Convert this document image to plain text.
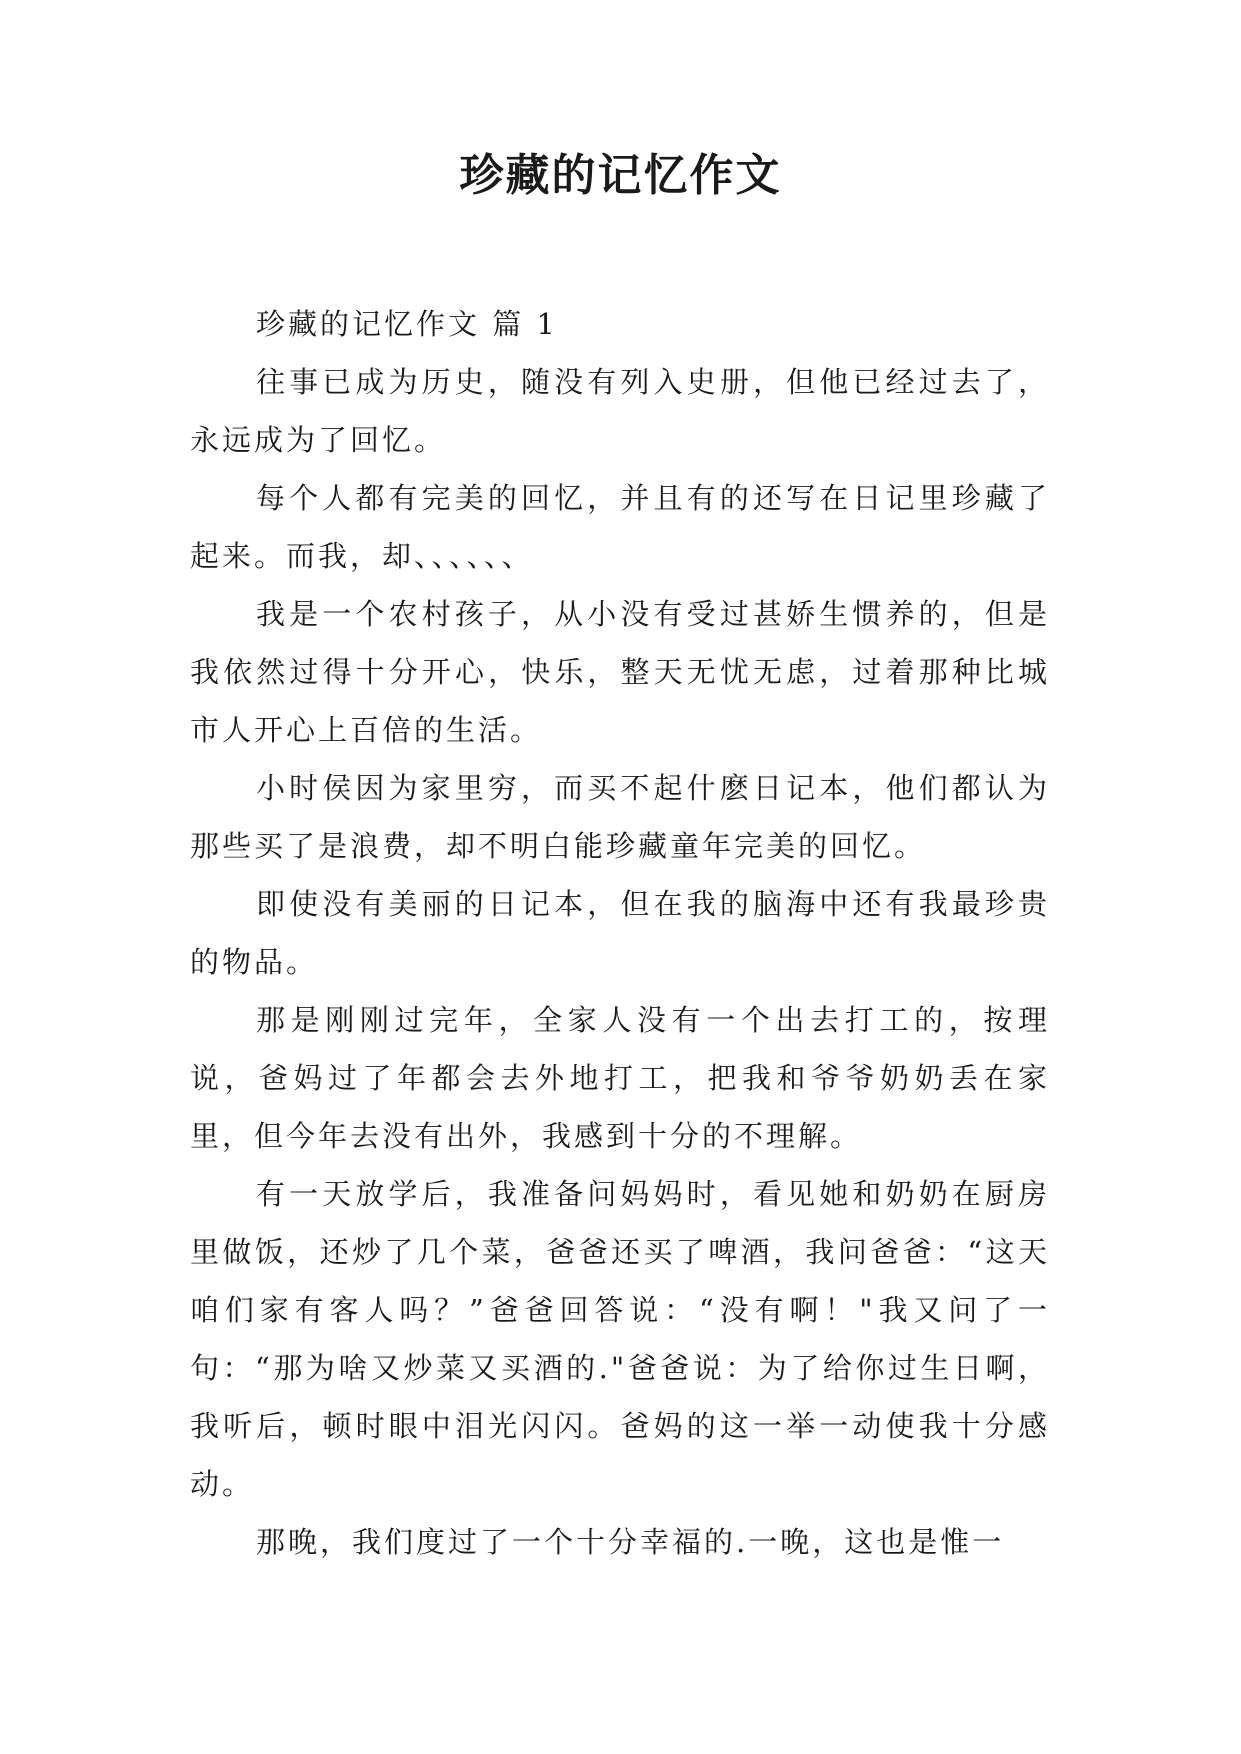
珍藏的记忆作文

珍藏的记忆作文 篇 1

往事已成为历史，随没有列入史册，但他已经过去了，永远成为了回忆。

每个人都有完美的回忆，并且有的还写在日记里珍藏了起来。而我，却、、、、、、

我是一个农村孩子，从小没有受过甚娇生惯养的，但是我依然过得十分开心，快乐，整天无忧无虑，过着那种比城市人开心上百倍的生活。

小时侯因为家里穷，而买不起什麽日记本，他们都认为那些买了是浪费，却不明白能珍藏童年完美的回忆。

即使没有美丽的日记本，但在我的脑海中还有我最珍贵的物品。

那是刚刚过完年，全家人没有一个出去打工的，按理说，爸妈过了年都会去外地打工，把我和爷爷奶奶丢在家里，但今年去没有出外，我感到十分的不理解。

有一天放学后，我准备问妈妈时，看见她和奶奶在厨房里做饭，还炒了几个菜，爸爸还买了啤酒，我问爸爸：“这天咱们家有客人吗？”爸爸回答说：“没有啊！"我又问了一句：“那为啥又炒菜又买酒的."爸爸说：为了给你过生日啊，我听后，顿时眼中泪光闪闪。爸妈的这一举一动使我十分感动。

那晚，我们度过了一个十分幸福的.一晚，这也是惟一
